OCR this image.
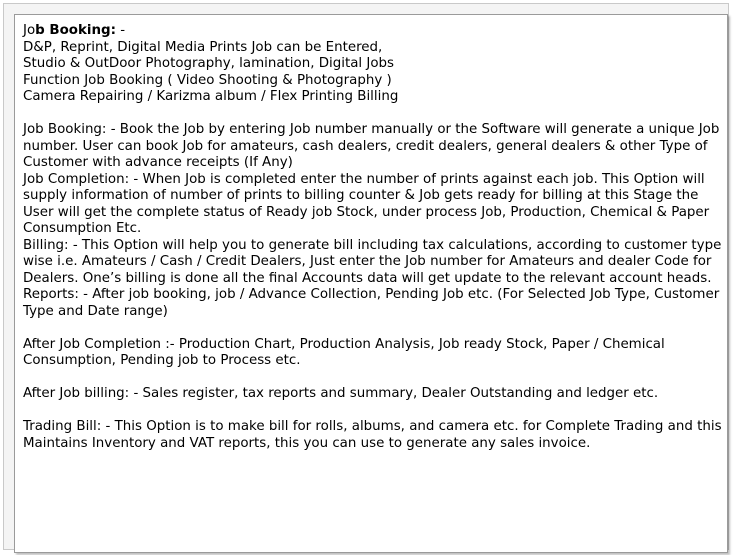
Job Booking: -

D&P, Reprint, Digital Media Prints Job can be Entered,

Studio & OutDoor Photography, lamination, Digital Jobs

Function Job Booking ( Video Shooting & Photography )

Camera Repairing / Karizma album / Flex Printing Billing

Job Booking: - Book the Job by entering Job number manually or the Software will generate a unique Job number. User can book Job for amateurs, cash dealers, credit dealers, general dealers & other Type of Customer with advance receipts (If Any)

Job Completion: - When Job is completed enter the number of prints against each job. This Option will supply information of number of prints to billing counter & Job gets ready for billing at this Stage the User will get the complete status of Ready job Stock, under process Job, Production, Chemical & Paper Consumption Etc.

Billing: - This Option will help you to generate bill including tax calculations, according to customer type wise i.e. Amateurs / Cash / Credit Dealers, Just enter the Job number for Amateurs and dealer Code for Dealers. One’s billing is done all the final Accounts data will get update to the relevant account heads.

Reports: - After job booking, job / Advance Collection, Pending Job etc. (For Selected Job Type, Customer Type and Date range)

After Job Completion :- Production Chart, Production Analysis, Job ready Stock, Paper / Chemical Consumption, Pending job to Process etc.

After Job billing: - Sales register, tax reports and summary, Dealer Outstanding and ledger etc.

Trading Bill: - This Option is to make bill for rolls, albums, and camera etc. for Complete Trading and this Maintains Inventory and VAT reports, this you can use to generate any sales invoice.
